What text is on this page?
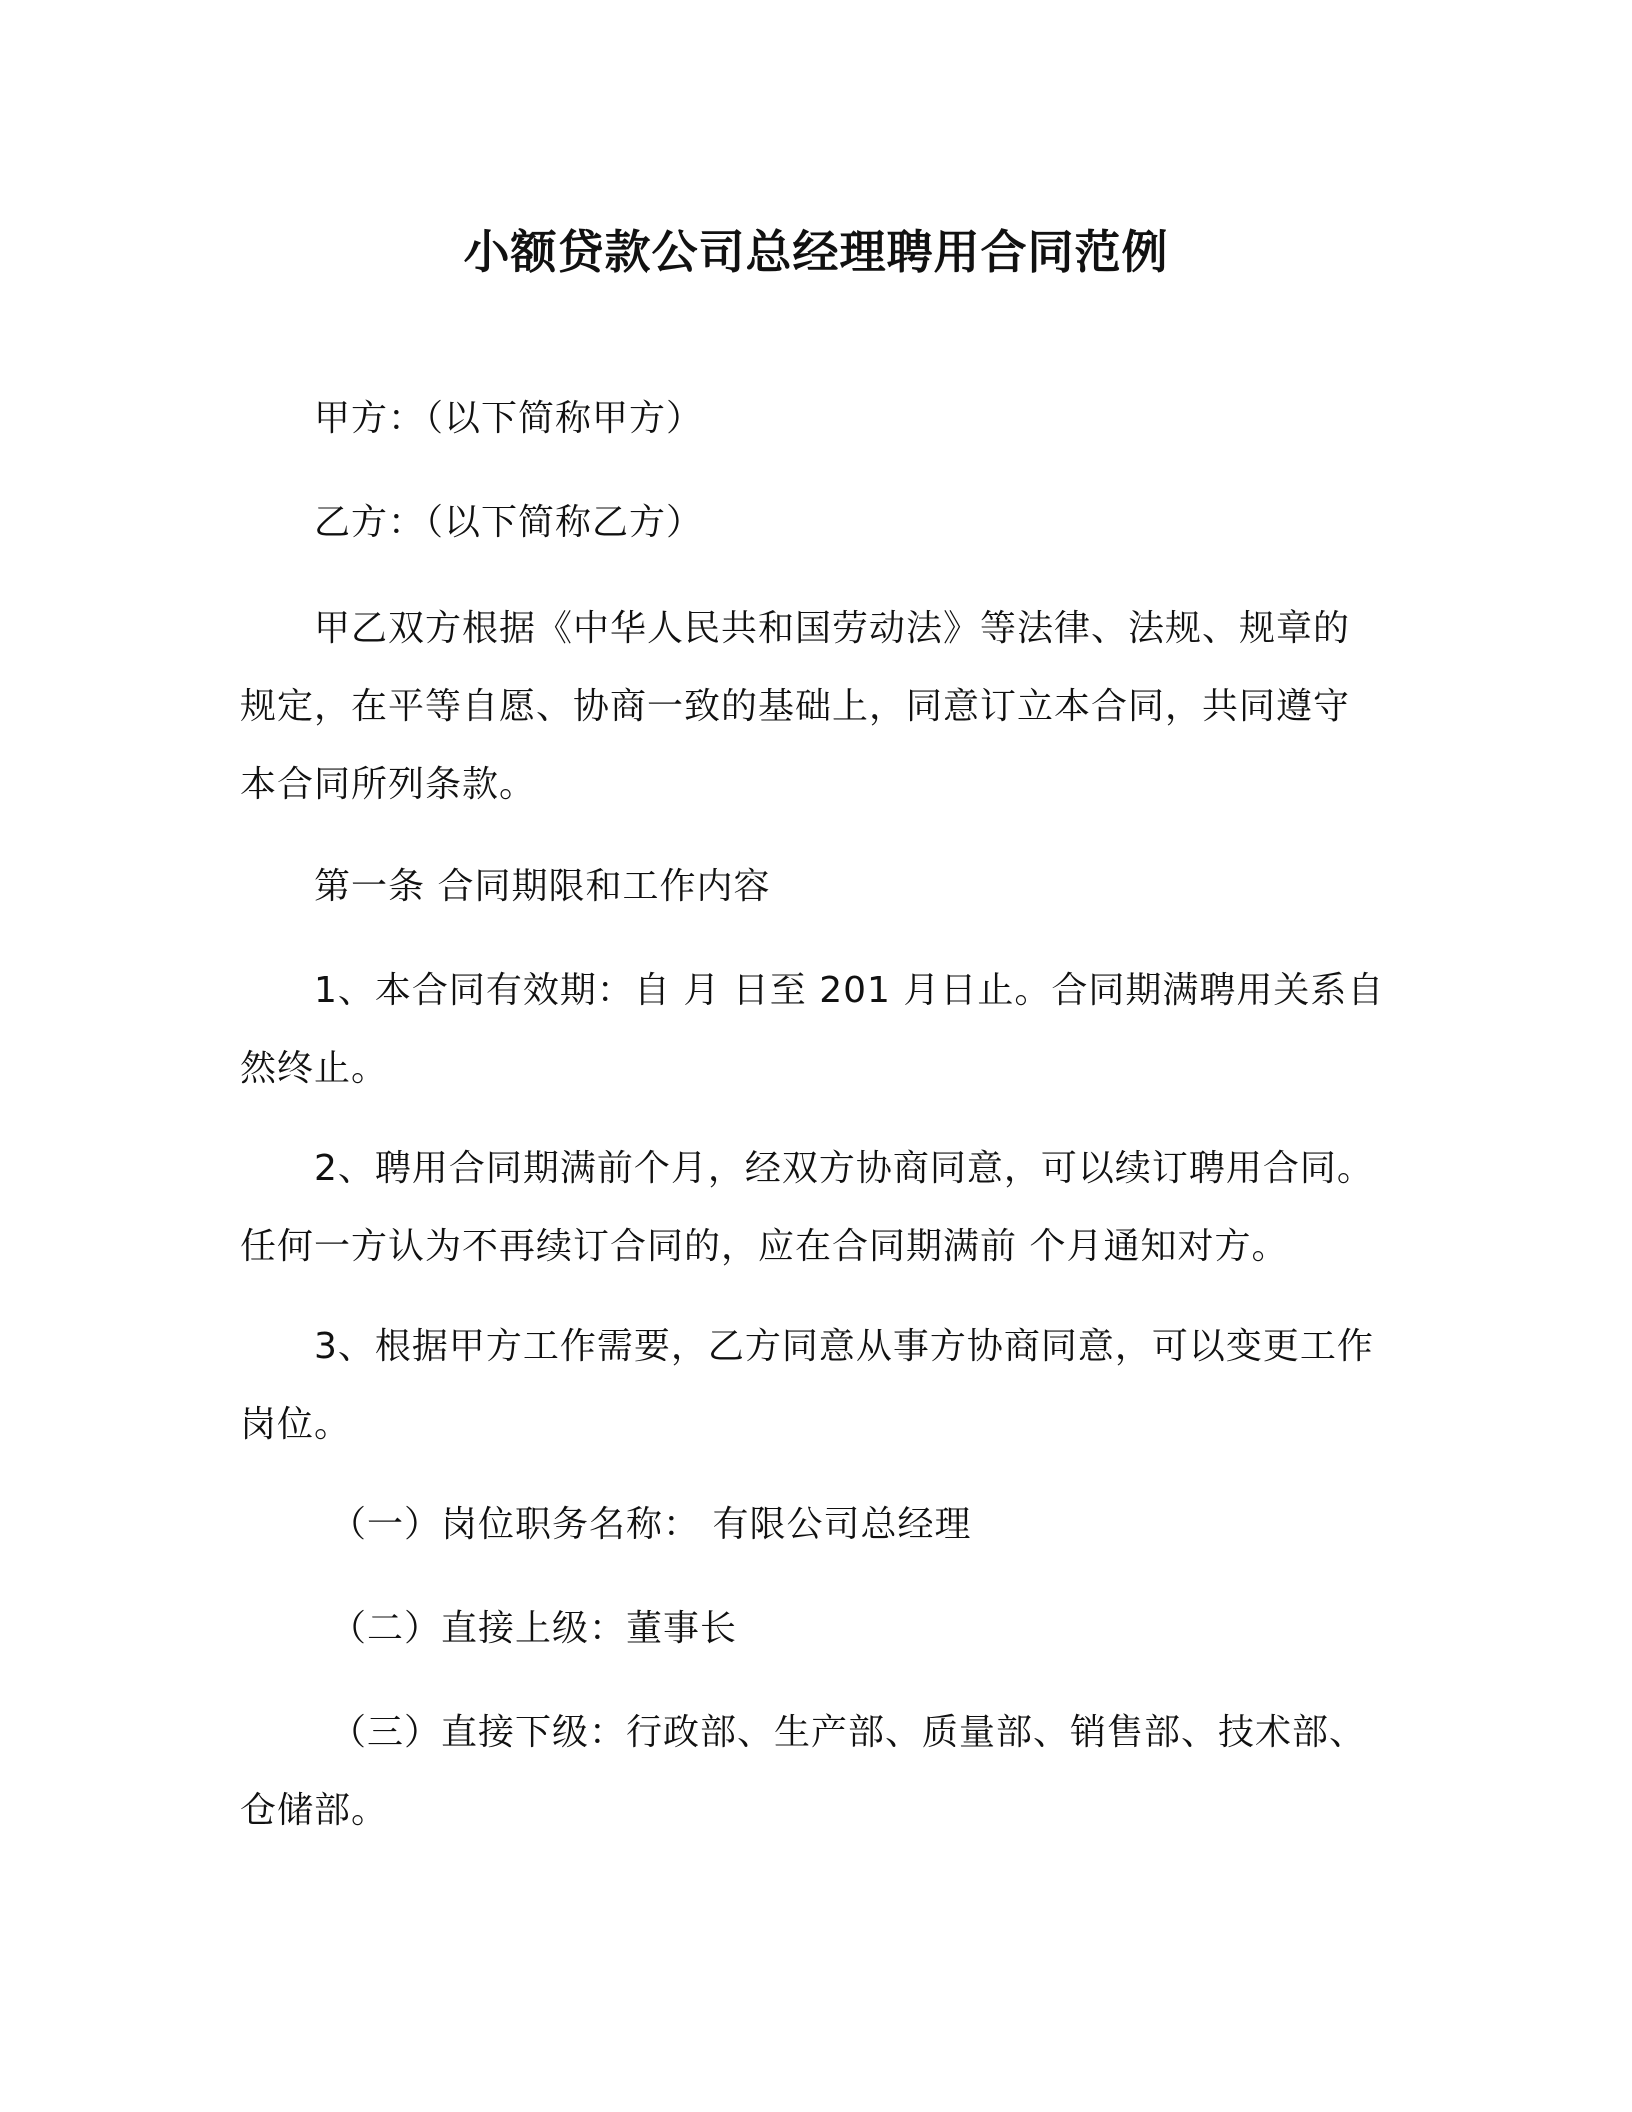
小额贷款公司总经理聘用合同范例
甲方：（以下简称甲方）
乙方：（以下简称乙方）
甲乙双方根据《中华人民共和国劳动法》等法律、法规、规章的
规定，在平等自愿、协商一致的基础上，同意订立本合同，共同遵守
本合同所列条款。
第一条 合同期限和工作内容
1、本合同有效期：自 月 日至 201 月日止。合同期满聘用关系自
然终止。
2、聘用合同期满前个月，经双方协商同意，可以续订聘用合同。
任何一方认为不再续订合同的，应在合同期满前 个月通知对方。
3、根据甲方工作需要，乙方同意从事方协商同意，可以变更工作
岗位。
（一）岗位职务名称： 有限公司总经理
（二）直接上级：董事长
（三）直接下级：行政部、生产部、质量部、销售部、技术部、
仓储部。
